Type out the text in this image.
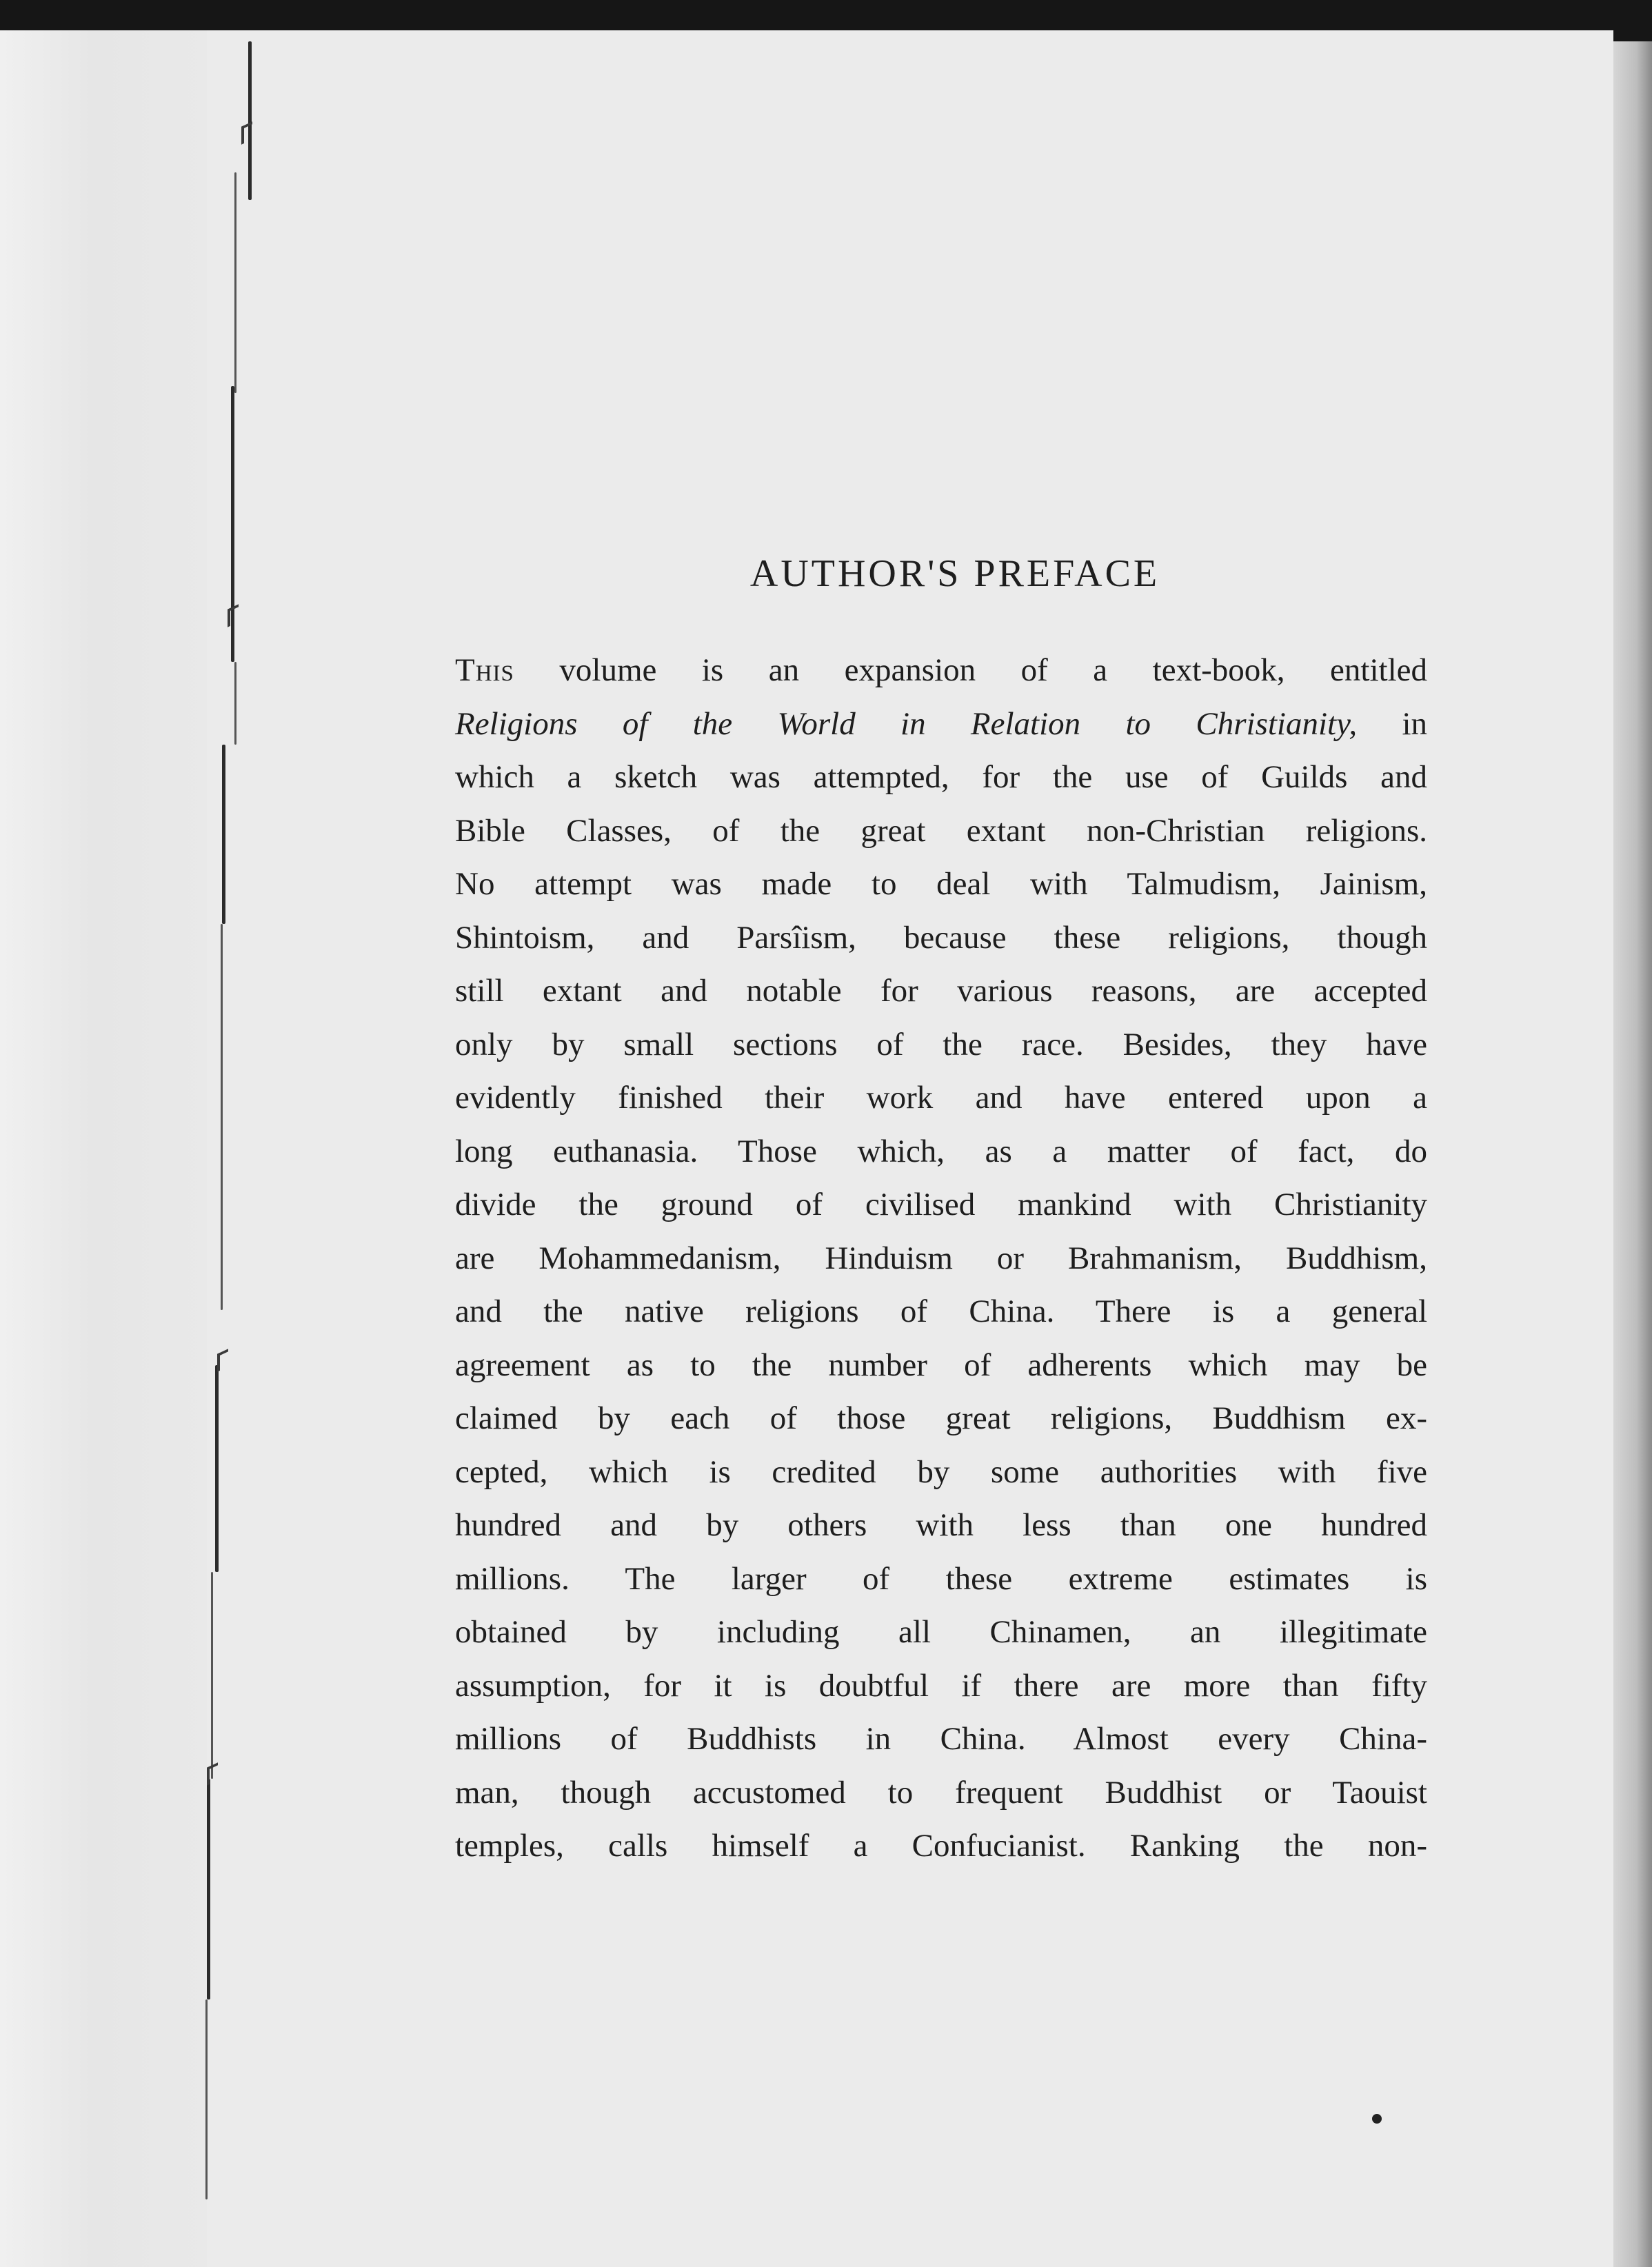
AUTHOR'S PREFACE
This volume is an expansion of a text-book, entitled
Religions of the World in Relation to Christianity, in
which a sketch was attempted, for the use of Guilds and
Bible Classes, of the great extant non-Christian religions.
No attempt was made to deal with Talmudism, Jainism,
Shintoism, and Parsîism, because these religions, though
still extant and notable for various reasons, are accepted
only by small sections of the race. Besides, they have
evidently finished their work and have entered upon a
long euthanasia. Those which, as a matter of fact, do
divide the ground of civilised mankind with Christianity
are Mohammedanism, Hinduism or Brahmanism, Buddhism,
and the native religions of China. There is a general
agreement as to the number of adherents which may be
claimed by each of those great religions, Buddhism ex-
cepted, which is credited by some authorities with five
hundred and by others with less than one hundred
millions. The larger of these extreme estimates is
obtained by including all Chinamen, an illegitimate
assumption, for it is doubtful if there are more than fifty
millions of Buddhists in China. Almost every China-
man, though accustomed to frequent Buddhist or Taouist
temples, calls himself a Confucianist. Ranking the non-
